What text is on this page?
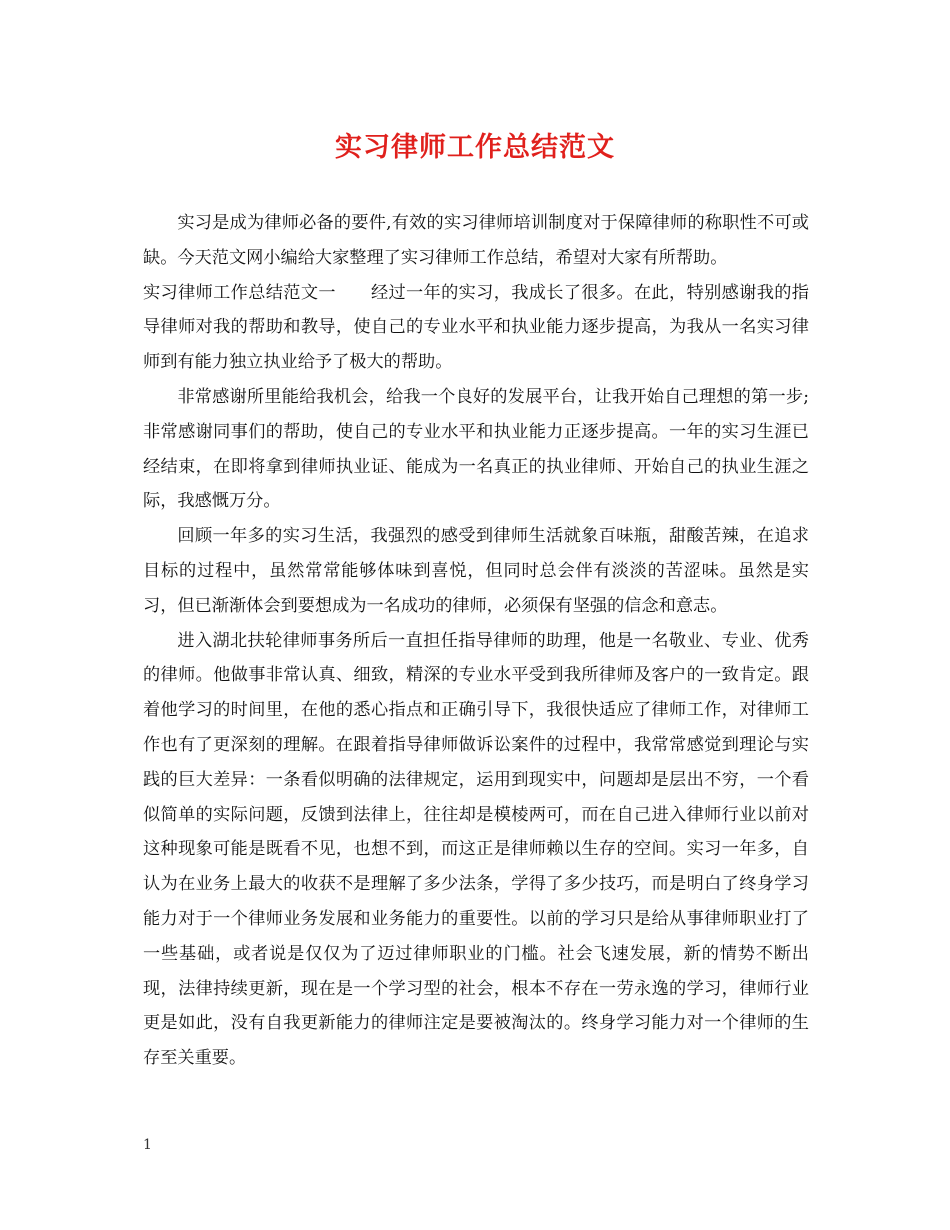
实习律师工作总结范文

实习是成为律师必备的要件,有效的实习律师培训制度对于保障律师的称职性不可或缺。今天范文网小编给大家整理了实习律师工作总结，希望对大家有所帮助。

实习律师工作总结范文一　　经过一年的实习，我成长了很多。在此，特别感谢我的指导律师对我的帮助和教导，使自己的专业水平和执业能力逐步提高，为我从一名实习律师到有能力独立执业给予了极大的帮助。

非常感谢所里能给我机会，给我一个良好的发展平台，让我开始自己理想的第一步;非常感谢同事们的帮助，使自己的专业水平和执业能力正逐步提高。一年的实习生涯已经结束，在即将拿到律师执业证、能成为一名真正的执业律师、开始自己的执业生涯之际，我感慨万分。

回顾一年多的实习生活，我强烈的感受到律师生活就象百味瓶，甜酸苦辣，在追求目标的过程中，虽然常常能够体味到喜悦，但同时总会伴有淡淡的苦涩味。虽然是实习，但已渐渐体会到要想成为一名成功的律师，必须保有坚强的信念和意志。

进入湖北扶轮律师事务所后一直担任指导律师的助理，他是一名敬业、专业、优秀的律师。他做事非常认真、细致，精深的专业水平受到我所律师及客户的一致肯定。跟着他学习的时间里，在他的悉心指点和正确引导下，我很快适应了律师工作，对律师工作也有了更深刻的理解。在跟着指导律师做诉讼案件的过程中，我常常感觉到理论与实践的巨大差异：一条看似明确的法律规定，运用到现实中，问题却是层出不穷，一个看似简单的实际问题，反馈到法律上，往往却是模棱两可，而在自己进入律师行业以前对这种现象可能是既看不见，也想不到，而这正是律师赖以生存的空间。实习一年多，自认为在业务上最大的收获不是理解了多少法条，学得了多少技巧，而是明白了终身学习能力对于一个律师业务发展和业务能力的重要性。以前的学习只是给从事律师职业打了一些基础，或者说是仅仅为了迈过律师职业的门槛。社会飞速发展，新的情势不断出现，法律持续更新，现在是一个学习型的社会，根本不存在一劳永逸的学习，律师行业更是如此，没有自我更新能力的律师注定是要被淘汰的。终身学习能力对一个律师的生存至关重要。

1
